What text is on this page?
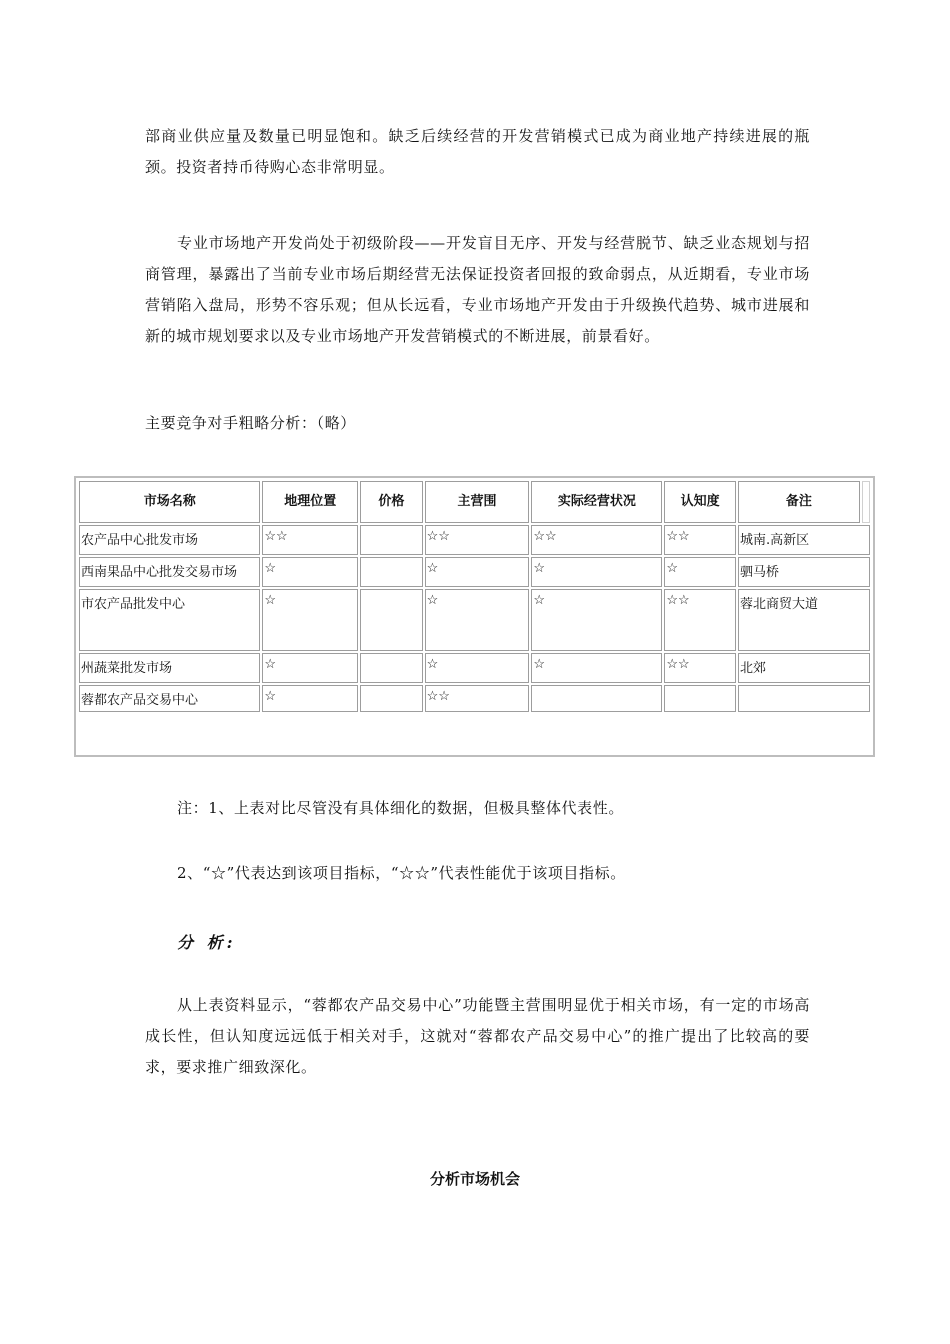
部商业供应量及数量已明显饱和。缺乏后续经营的开发营销模式已成为商业地产持续进展的瓶颈。投资者持币待购心态非常明显。

专业市场地产开发尚处于初级阶段——开发盲目无序、开发与经营脱节、缺乏业态规划与招商管理，暴露出了当前专业市场后期经营无法保证投资者回报的致命弱点，从近期看，专业市场营销陷入盘局，形势不容乐观；但从长远看，专业市场地产开发由于升级换代趋势、城市进展和新的城市规划要求以及专业市场地产开发营销模式的不断进展，前景看好。

主要竞争对手粗略分析：（略）

市场名称	地理位置	价格	主营围	实际经营状况	认知度	备注	
农产品中心批发市场	☆☆		☆☆	☆☆	☆☆	城南.高新区	
西南果品中心批发交易市场	☆		☆	☆	☆	驷马桥	
市农产品批发中心	☆		☆	☆	☆☆	蓉北商贸大道	
州蔬菜批发市场	☆		☆	☆	☆☆	北郊	
蓉都农产品交易中心	☆		☆☆				

注：1、上表对比尽管没有具体细化的数据，但极具整体代表性。

2、“☆”代表达到该项目指标，“☆☆”代表性能优于该项目指标。

分 析:

从上表资料显示，“蓉都农产品交易中心”功能暨主营围明显优于相关市场，有一定的市场高成长性，但认知度远远低于相关对手，这就对“蓉都农产品交易中心”的推广提出了比较高的要求，要求推广细致深化。

分析市场机会
